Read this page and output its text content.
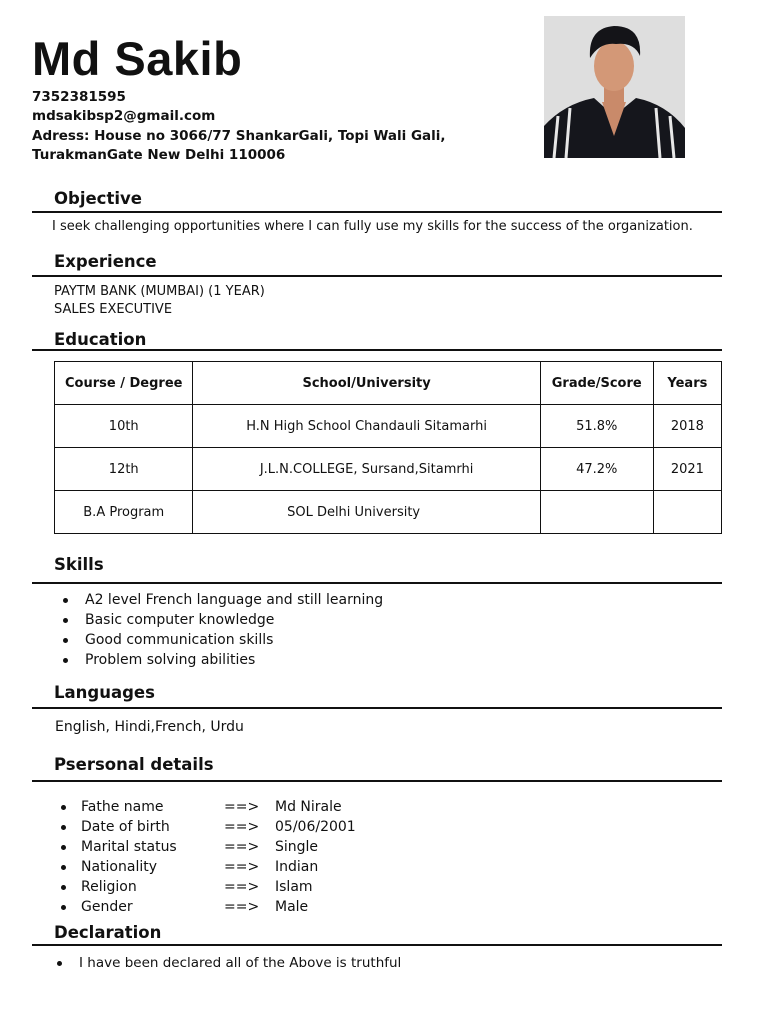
Md Sakib
7352381595
mdsakibsp2@gmail.com
Adress: House no 3066/77 ShankarGali, Topi Wali Gali,
TurakmanGate New Delhi 110006
Objective
I seek challenging opportunities where I can fully use my skills for the success of the organization.
Experience
PAYTM BANK (MUMBAI) (1 YEAR)
SALES EXECUTIVE
Education
Course / Degree	School/University	Grade/Score	Years
10th	H.N High School Chandauli Sitamarhi	51.8%	2018
12th	J.L.N.COLLEGE, Sursand,Sitamrhi	47.2%	2021
B.A Program	SOL Delhi University		
Skills
A2 level French language and still learning
Basic computer knowledge
Good communication skills
Problem solving abilities
Languages
English, Hindi,French, Urdu
Psersonal details
Fathe name	==> Md Nirale
Date of birth	==> 05/06/2001
Marital status	==> Single
Nationality	==> Indian
Religion	==> Islam
Gender	==> Male
Declaration
I have been declared all of the Above is truthful
